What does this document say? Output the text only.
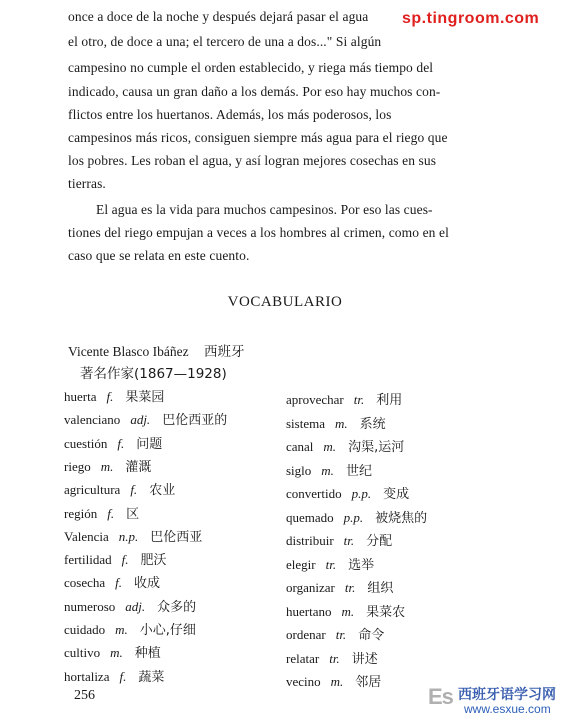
once a doce de la noche y después dejará pasar el agua
el otro, de doce a una; el tercero de una a dos..." Si algún
campesino no cumple el orden establecido, y riega más tiempo del
indicado, causa un gran daño a los demás. Por eso hay muchos con-
flictos entre los huertanos. Además, los más poderosos, los
campesinos más ricos, consiguen siempre más agua para el riego que
los pobres. Les roban el agua, y así logran mejores cosechas en sus
tierras.
El agua es la vida para muchos campesinos. Por eso las cues-
tiones del riego empujan a veces a los hombres al crimen, como en el
caso que se relata en este cuento.
VOCABULARIO
Vicente Blasco Ibáñez 西班牙
著名作家(1867—1928)
huerta f. 果菜园
valenciano adj. 巴伦西亚的
cuestión f. 问题
riego m. 灌溉
agricultura f. 农业
región f. 区
Valencia n.p. 巴伦西亚
fertilidad f. 肥沃
cosecha f. 收成
numeroso adj. 众多的
cuidado m. 小心,仔细
cultivo m. 种植
hortaliza f. 蔬菜
aprovechar tr. 利用
sistema m. 系统
canal m. 沟渠,运河
siglo m. 世纪
convertido p.p. 变成
quemado p.p. 被烧焦的
distribuir tr. 分配
elegir tr. 选举
organizar tr. 组织
huertano m. 果菜农
ordenar tr. 命令
relatar tr. 讲述
vecino m. 邻居
256
sp.tingroom.com
Es 西班牙语学习网
www.esxue.com
